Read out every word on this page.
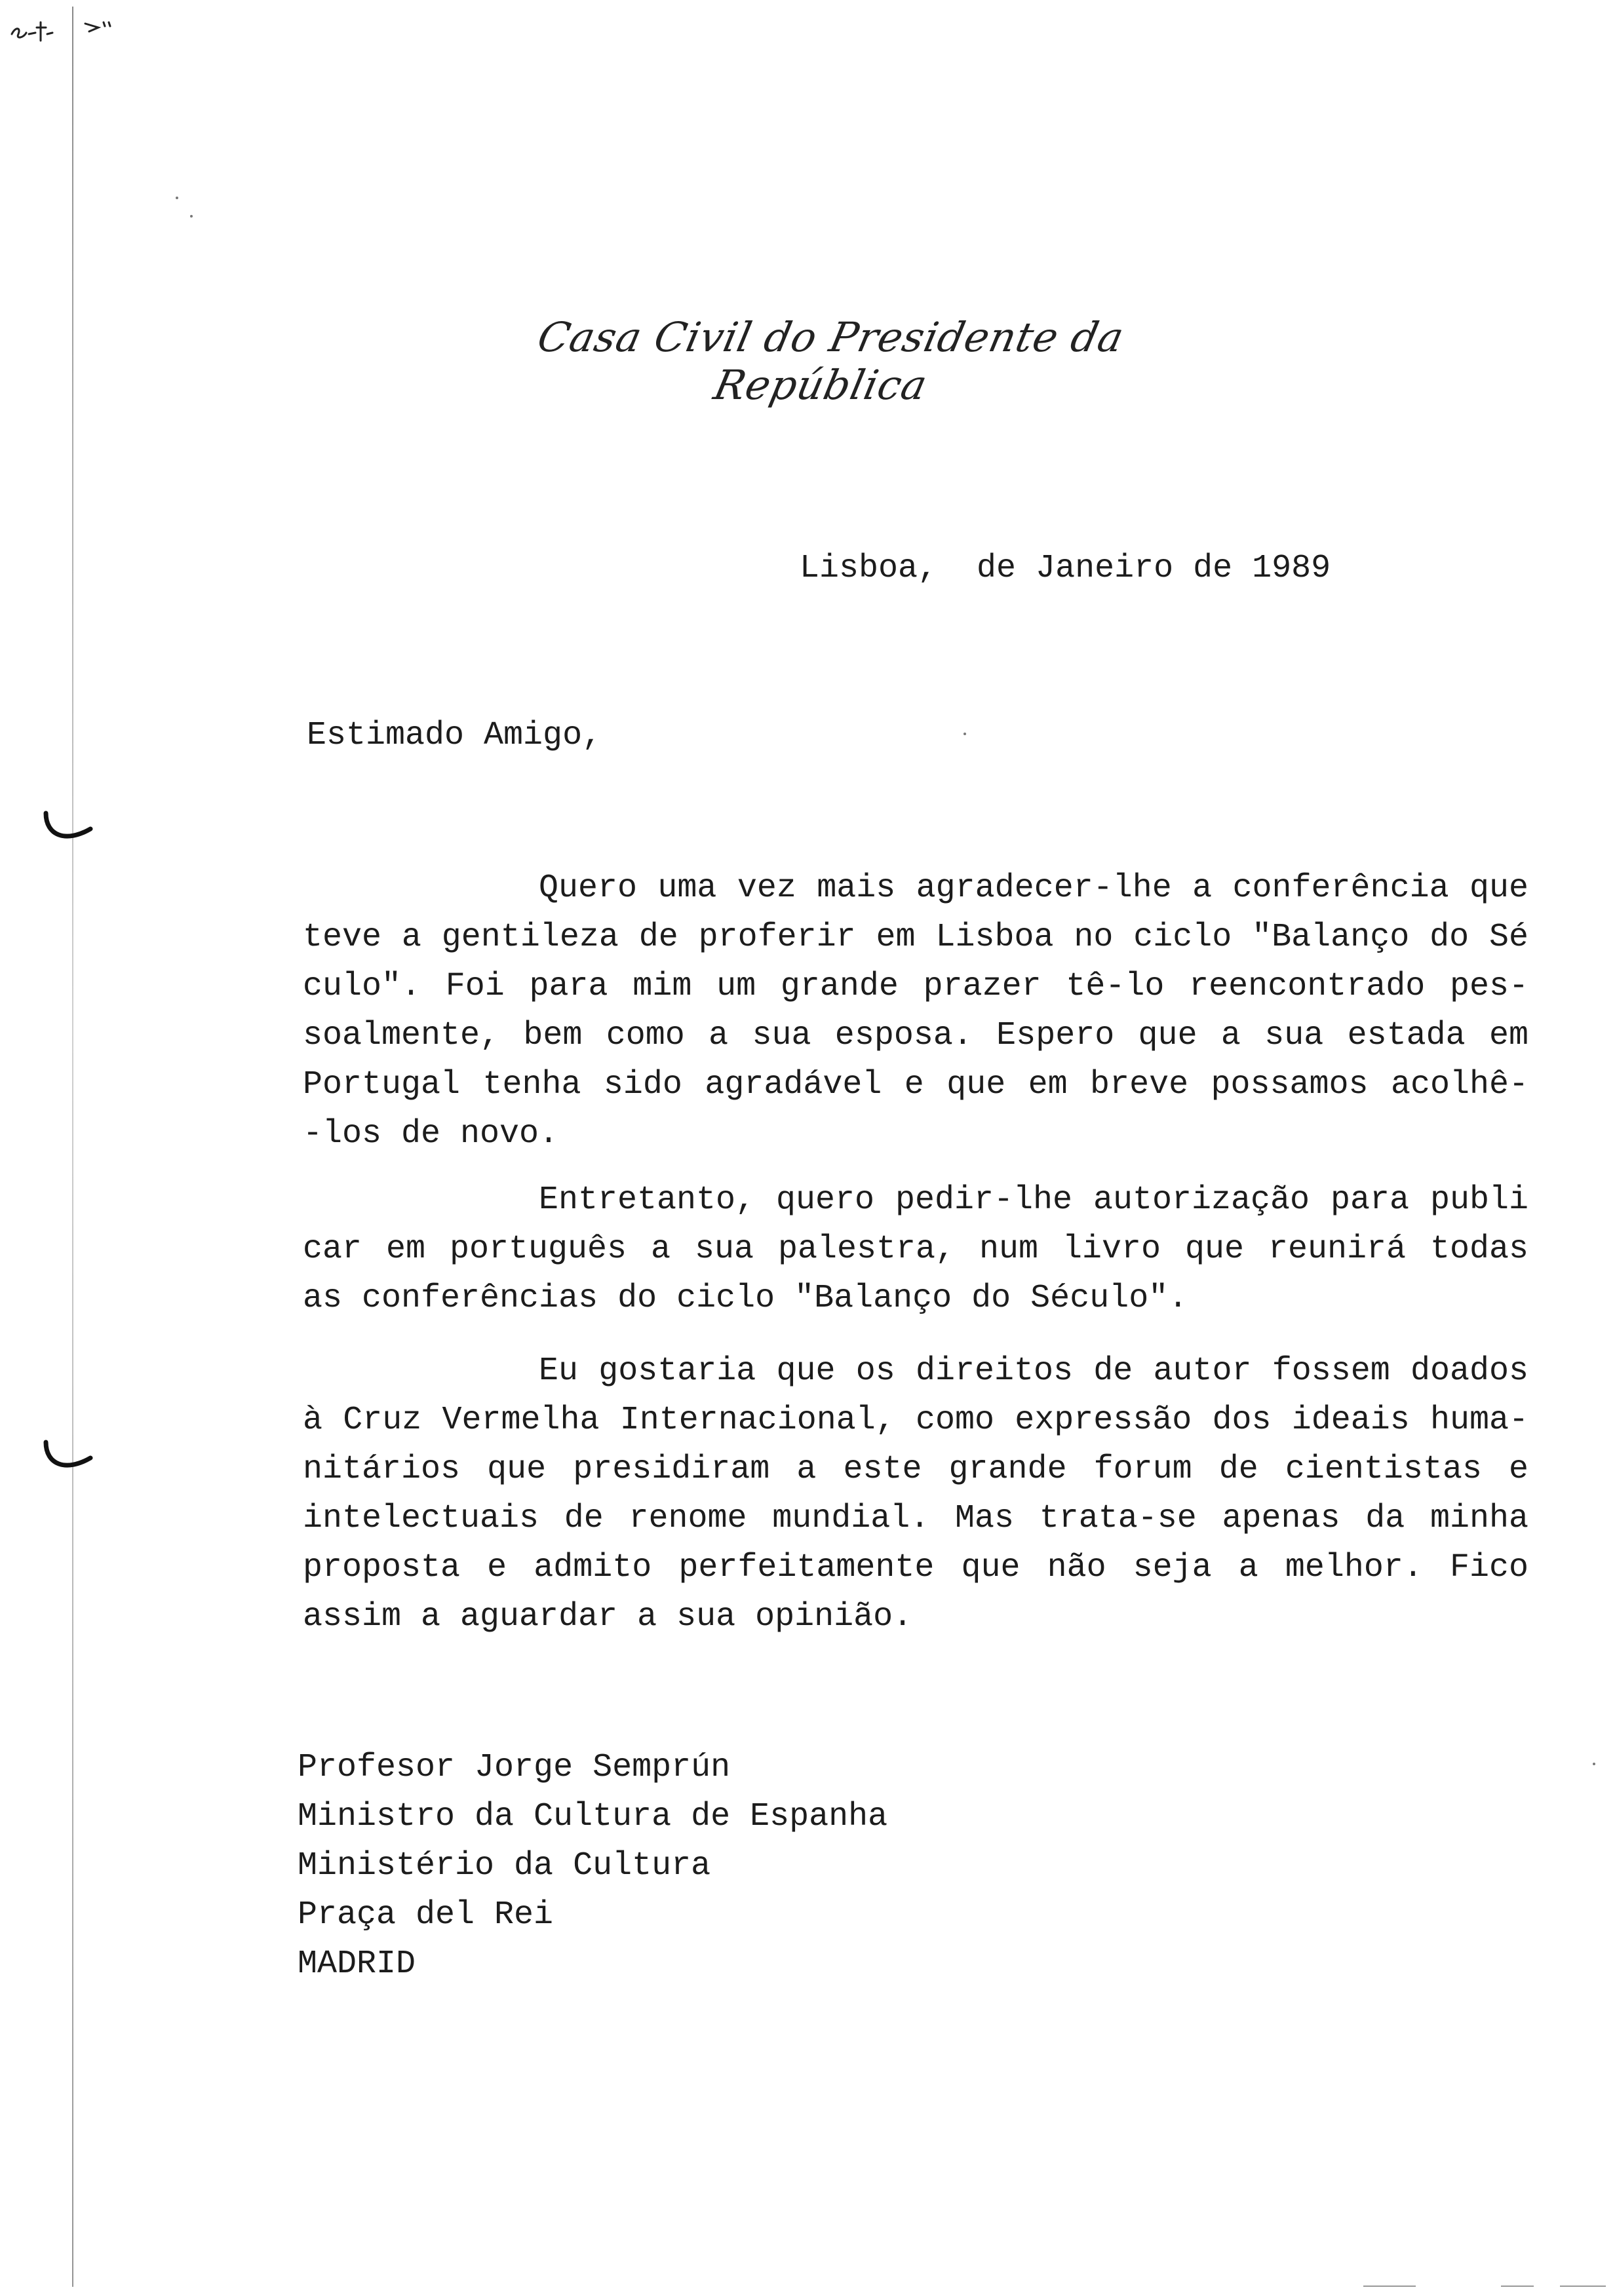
Casa Civil do Presidente da República
Lisboa,  de Janeiro de 1989
Estimado Amigo,
Quero uma vez mais agradecer-lhe a conferência que
teve a gentileza de proferir em Lisboa no ciclo "Balanço do Sé
culo". Foi para mim um grande prazer tê-lo reencontrado pes-
soalmente, bem como a sua esposa. Espero que a sua estada em
Portugal tenha sido agradável e que em breve possamos acolhê-
-los de novo.
Entretanto, quero pedir-lhe autorização para publi
car em português a sua palestra, num livro que reunirá todas
as conferências do ciclo "Balanço do Século".
Eu gostaria que os direitos de autor fossem doados
à Cruz Vermelha Internacional, como expressão dos ideais huma-
nitários que presidiram a este grande forum de cientistas e
intelectuais de renome mundial. Mas trata-se apenas da minha
proposta e admito perfeitamente que não seja a melhor. Fico
assim a aguardar a sua opinião.
Profesor Jorge Semprún
Ministro da Cultura de Espanha
Ministério da Cultura
Praça del Rei
MADRID
